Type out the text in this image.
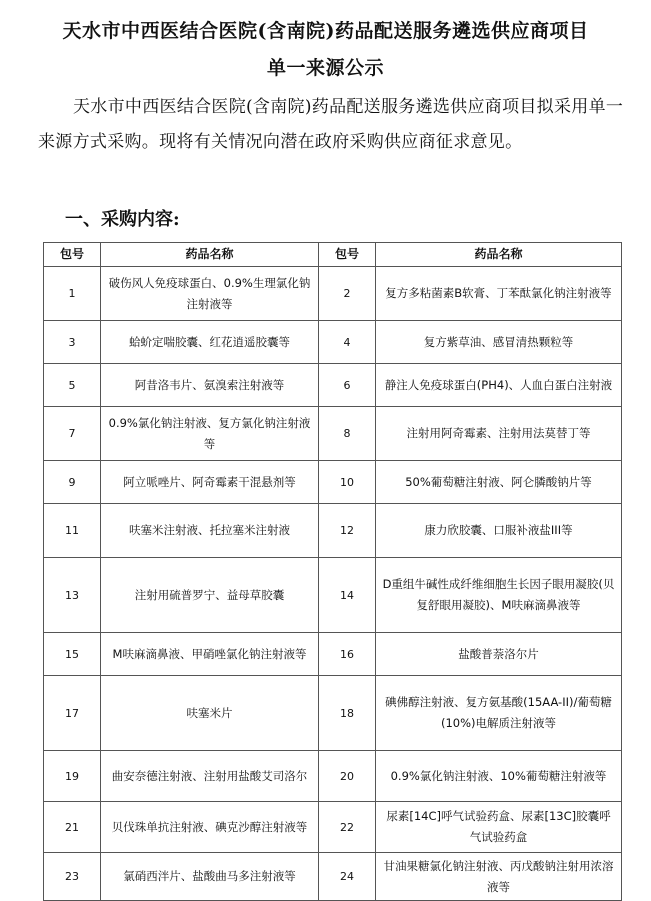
天水市中西医结合医院(含南院)药品配送服务遴选供应商项目
单一来源公示
天水市中西医结合医院(含南院)药品配送服务遴选供应商项目拟采用单一来源方式采购。现将有关情况向潜在政府采购供应商征求意见。
一、采购内容:
包号	药品名称	包号	药品名称
1	破伤风人免疫球蛋白、0.9%生理氯化钠注射液等	2	复方多粘菌素B软膏、丁苯酞氯化钠注射液等
3	蛤蚧定喘胶囊、红花逍遥胶囊等	4	复方紫草油、感冒清热颗粒等
5	阿昔洛韦片、氨溴索注射液等	6	静注人免疫球蛋白(PH4)、人血白蛋白注射液
7	0.9%氯化钠注射液、复方氯化钠注射液等	8	注射用阿奇霉素、注射用法莫替丁等
9	阿立哌唑片、阿奇霉素干混悬剂等	10	50%葡萄糖注射液、阿仑膦酸钠片等
11	呋塞米注射液、托拉塞米注射液	12	康力欣胶囊、口服补液盐III等
13	注射用硫普罗宁、益母草胶囊	14	D重组牛碱性成纤维细胞生长因子眼用凝胶(贝复舒眼用凝胶)、M呋麻滴鼻液等
15	M呋麻滴鼻液、甲硝唑氯化钠注射液等	16	盐酸普萘洛尔片
17	呋塞米片	18	碘佛醇注射液、复方氨基酸(15AA-II)/葡萄糖(10%)电解质注射液等
19	曲安奈德注射液、注射用盐酸艾司洛尔	20	0.9%氯化钠注射液、10%葡萄糖注射液等
21	贝伐珠单抗注射液、碘克沙醇注射液等	22	尿素[14C]呼气试验药盒、尿素[13C]胶囊呼气试验药盒
23	氯硝西泮片、盐酸曲马多注射液等	24	甘油果糖氯化钠注射液、丙戊酸钠注射用浓溶液等
